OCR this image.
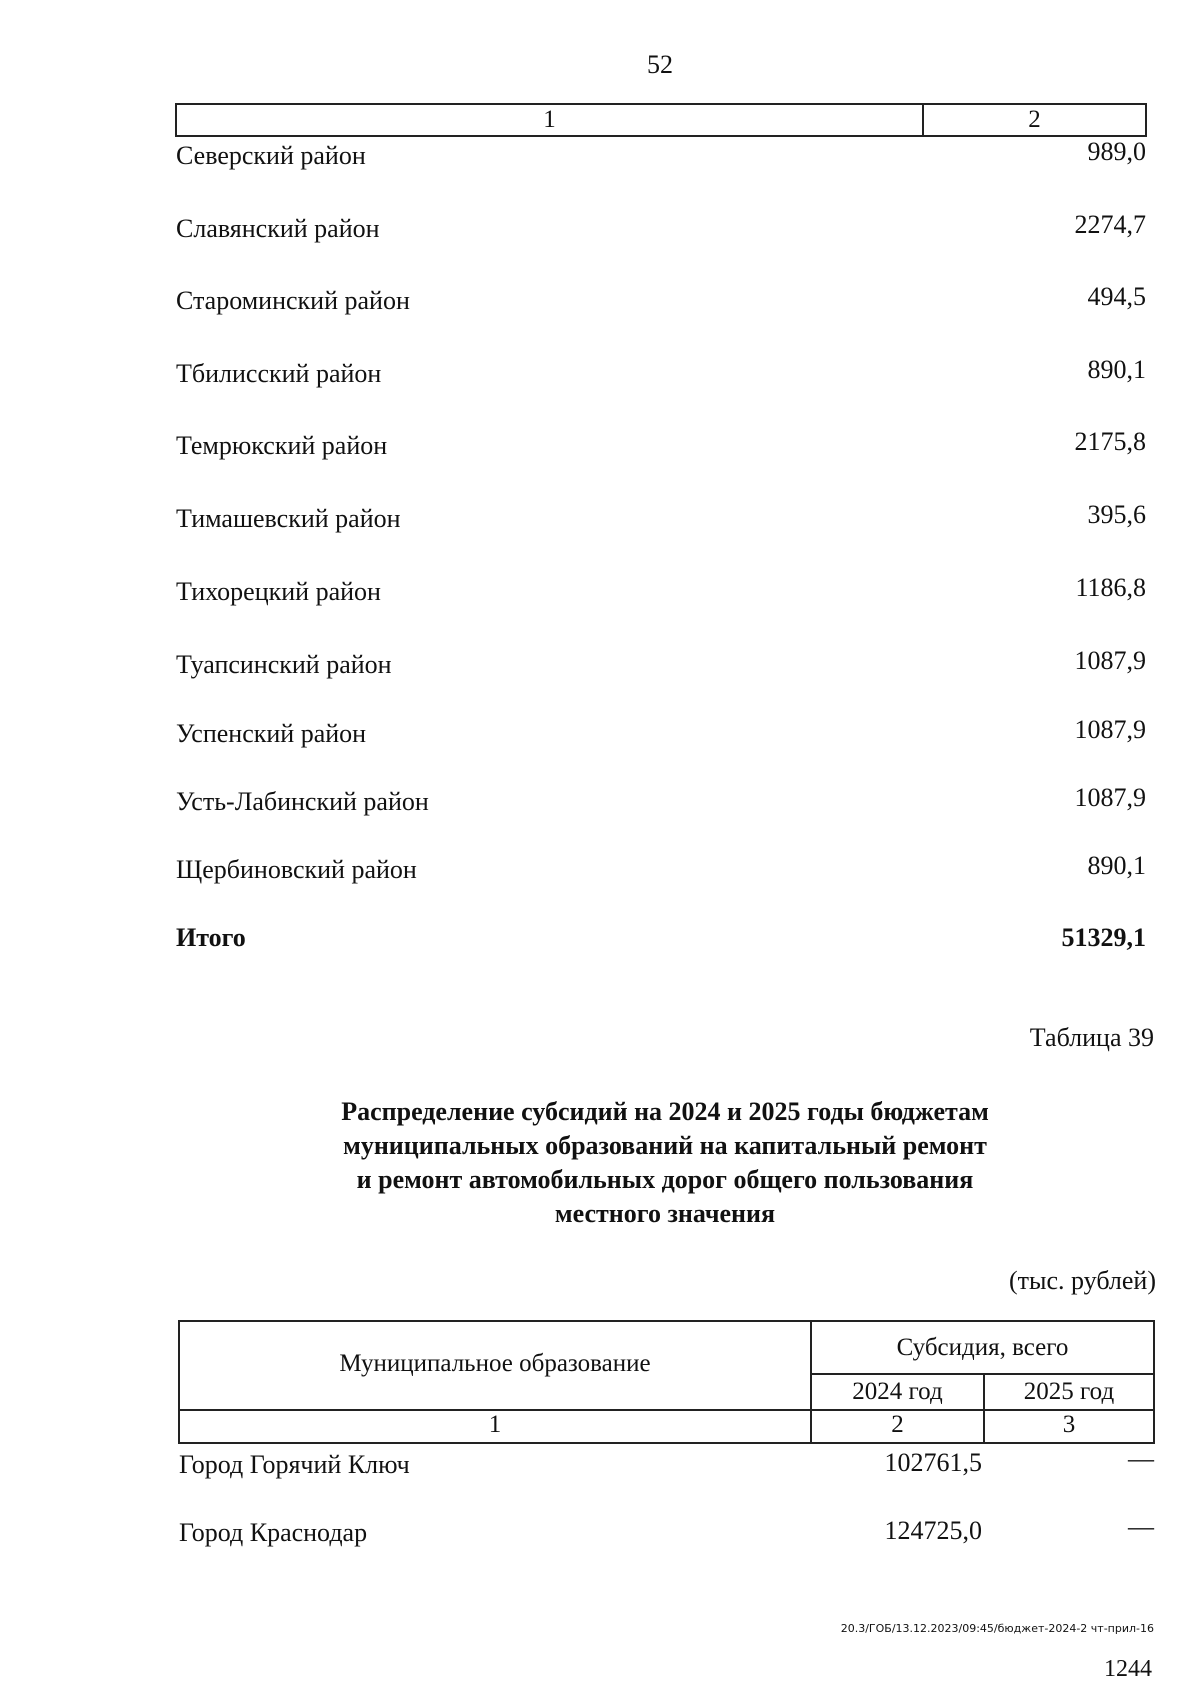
52
1	2
Северский район	989,0
Славянский район	2274,7
Староминский район	494,5
Тбилисский район	890,1
Темрюкский район	2175,8
Тимашевский район	395,6
Тихорецкий район	1186,8
Туапсинский район	1087,9
Успенский район	1087,9
Усть-Лабинский район	1087,9
Щербиновский район	890,1
Итого	51329,1
Таблица 39
Распределение субсидий на 2024 и 2025 годы бюджетам
муниципальных образований на капитальный ремонт
и ремонт автомобильных дорог общего пользования
местного значения
(тыс. рублей)
Муниципальное образование
Субсидия, всего
2024 год	2025 год
1	2	3
Город Горячий Ключ	102761,5	—
Город Краснодар	124725,0	—
20.3/ГОБ/13.12.2023/09:45/бюджет-2024-2 чт-прил-16
1244
